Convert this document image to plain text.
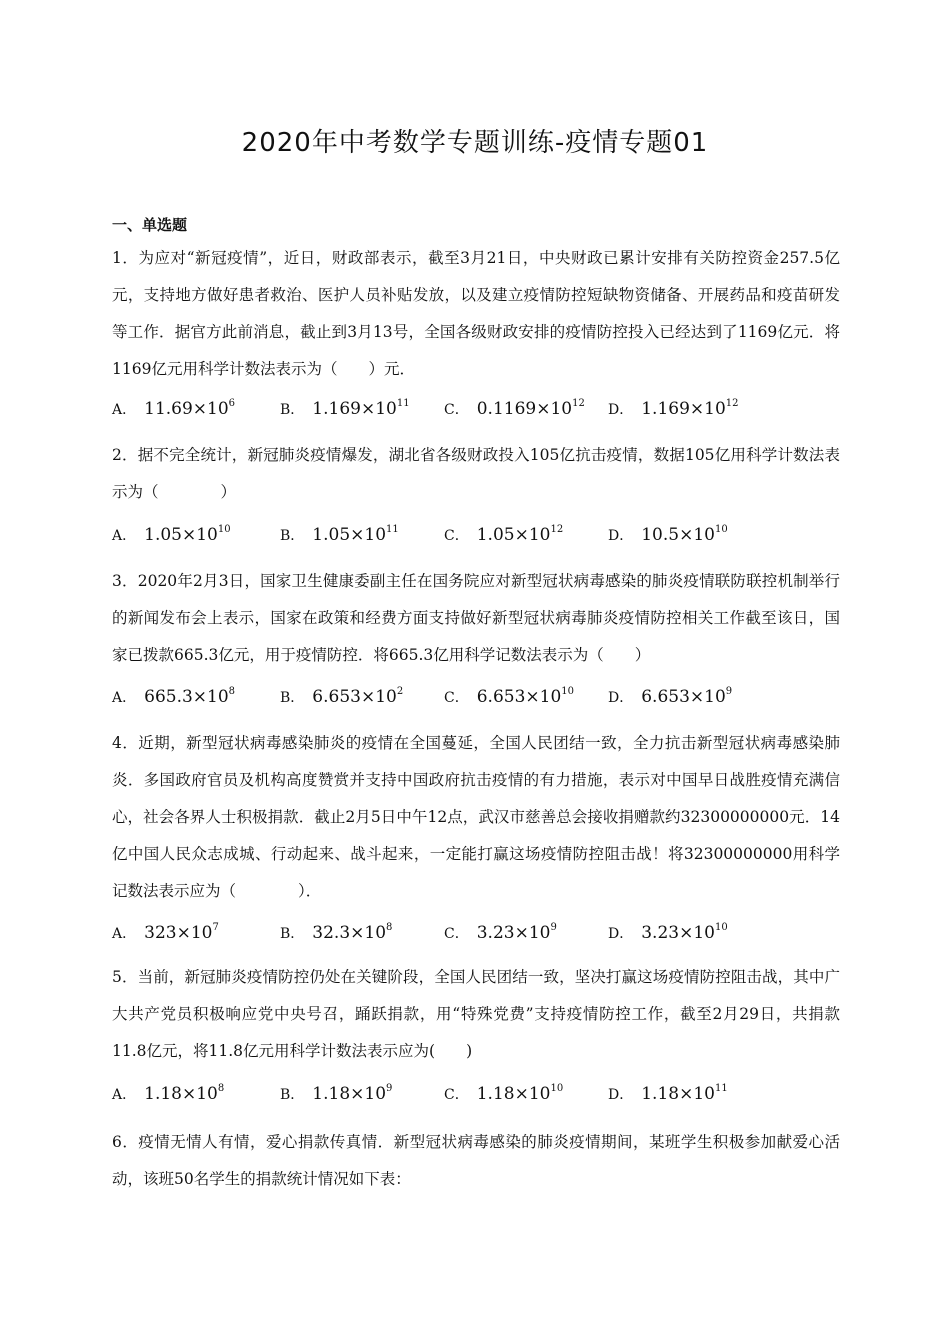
2020年中考数学专题训练-疫情专题01
一、单选题
1．为应对“新冠疫情”，近日，财政部表示，截至3月21日，中央财政已累计安排有关防控资金257.5亿元，支持地方做好患者救治、医护人员补贴发放，以及建立疫情防控短缺物资储备、开展药品和疫苗研发等工作．据官方此前消息，截止到3月13号，全国各级财政安排的疫情防控投入已经达到了1169亿元．将1169亿元用科学计数法表示为（　　）元．
A． $11.69\times 10^6$	B． $1.169\times 10^{11}$ C． $0.1169\times 10^{12}$ D． $1.169\times 10^{12}$
2．据不完全统计，新冠肺炎疫情爆发，湖北省各级财政投入105亿抗击疫情，数据105亿用科学计数法表示为（　　　　）
A． $1.05\times 10^{10}$	B． $1.05\times 10^{11}$	C． $1.05\times 10^{12}$	D． $10.5\times 10^{10}$
3．2020年2月3日，国家卫生健康委副主任在国务院应对新型冠状病毒感染的肺炎疫情联防联控机制举行的新闻发布会上表示，国家在政策和经费方面支持做好新型冠状病毒肺炎疫情防控相关工作截至该日，国家已拨款665.3亿元，用于疫情防控．将665.3亿用科学记数法表示为（　　）
A． $665.3\times 10^8$	B． $6.653\times 10^2$	C． $6.653\times 10^{10}$ D． $6.653\times 10^9$
4．近期，新型冠状病毒感染肺炎的疫情在全国蔓延，全国人民团结一致，全力抗击新型冠状病毒感染肺炎．多国政府官员及机构高度赞赏并支持中国政府抗击疫情的有力措施，表示对中国早日战胜疫情充满信心，社会各界人士积极捐款．截止2月5日中午12点，武汉市慈善总会接收捐赠款约32300000000元．14亿中国人民众志成城、行动起来、战斗起来，一定能打赢这场疫情防控阻击战！将32300000000用科学记数法表示应为（　　　　）．
A． $323\times 10^7$	B． $32.3\times 10^8$	C． $3.23\times 10^9$	D． $3.23\times 10^{10}$
5．当前，新冠肺炎疫情防控仍处在关键阶段，全国人民团结一致，坚决打赢这场疫情防控阻击战，其中广大共产党员积极响应党中央号召，踊跃捐款，用“特殊党费”支持疫情防控工作，截至2月29日，共捐款11.8亿元，将11.8亿元用科学计数法表示应为(　　)
A． $1.18\times 10^8$	B． $1.18\times 10^9$	C． $1.18\times 10^{10}$	D． $1.18\times 10^{11}$
6．疫情无情人有情，爱心捐款传真情．新型冠状病毒感染的肺炎疫情期间，某班学生积极参加献爱心活动，该班50名学生的捐款统计情况如下表：
